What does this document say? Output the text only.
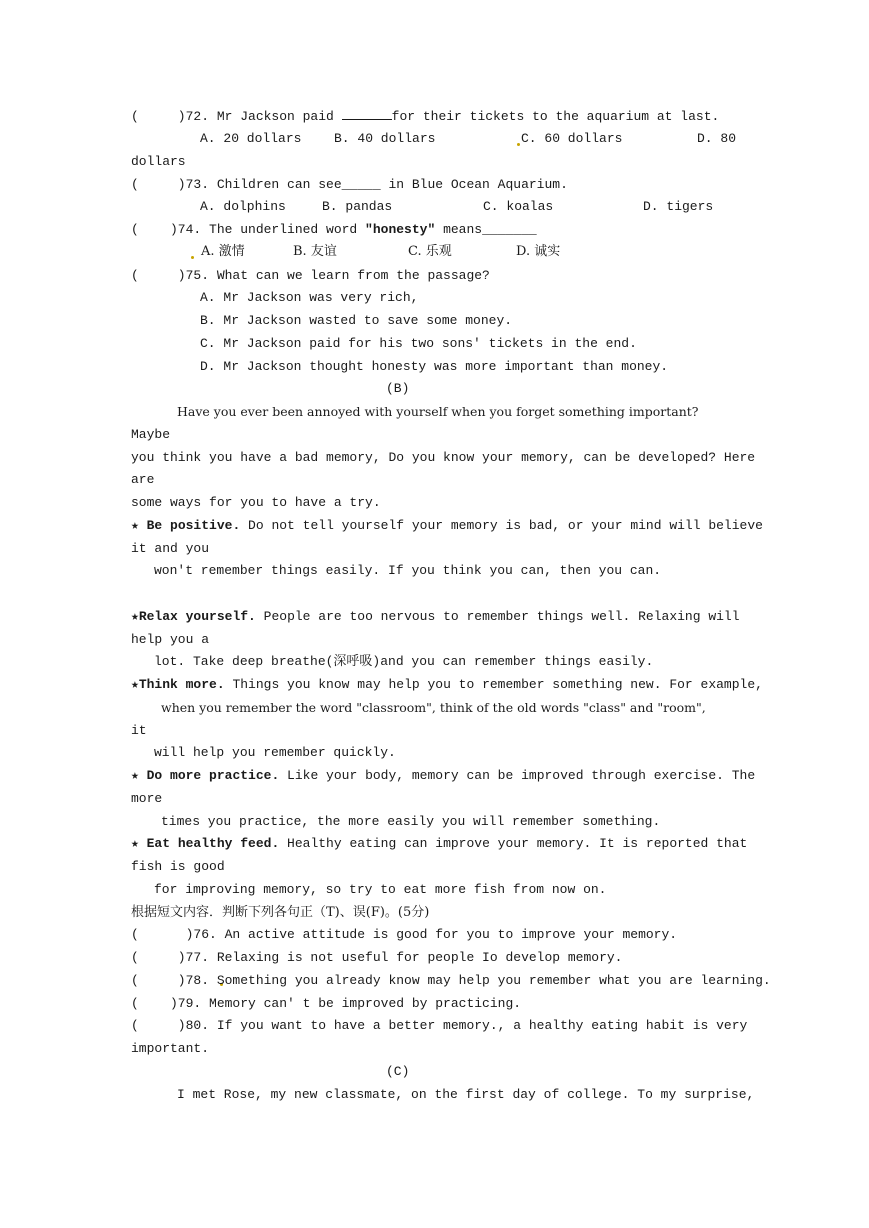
(     )72. Mr Jackson paid	for their tickets to the aquarium at last.
A. 20 dollars	B. 40 dollars	C. 60 dollars	D. 80
dollars
(     )73. Children can see_____ in Blue Ocean Aquarium.
A. dolphins	B. pandas	C. koalas	D. tigers
(    )74. The underlined word "honesty" means_______
A. 激情	B. 友谊	C. 乐观	D. 诚实
(     )75. What can we learn from the passage?
A. Mr Jackson was very rich,
B. Mr Jackson wasted to save some money.
C. Mr Jackson paid for his two sons' tickets in the end.
D. Mr Jackson thought honesty was more important than money.
(B)
Have you ever been annoyed with yourself when you forget something important?
Maybe
you think you have a bad memory, Do you know your memory, can be developed? Here
are
some ways for you to have a try.
★ Be positive. Do not tell yourself your memory is bad, or your mind will believe
it and you
won't remember things easily. If you think you can, then you can.
★Relax yourself. People are too nervous to remember things well. Relaxing will
help you a
lot. Take deep breathe(深呼吸)and you can remember things easily.
★Think more. Things you know may help you to remember something new. For example,
when you remember the word "classroom", think of the old words "class" and "room",
it
will help you remember quickly.
★ Do more practice. Like your body, memory can be improved through exercise. The
more
times you practice, the more easily you will remember something.
★ Eat healthy feed. Healthy eating can improve your memory. It is reported that
fish is good
for improving memory, so try to eat more fish from now on.
根据短文内容．判断下列各句正（T)、误(F)。(5分)
(      )76. An active attitude is good for you to improve your memory.
(     )77. Relaxing is not useful for people Io develop memory.
(     )78. Something you already know may help you remember what you are learning.
(    )79. Memory can' t be improved by practicing.
(     )80. If you want to have a better memory., a healthy eating habit is very
important.
(C)
I met Rose, my new classmate, on the first day of college. To my surprise,
